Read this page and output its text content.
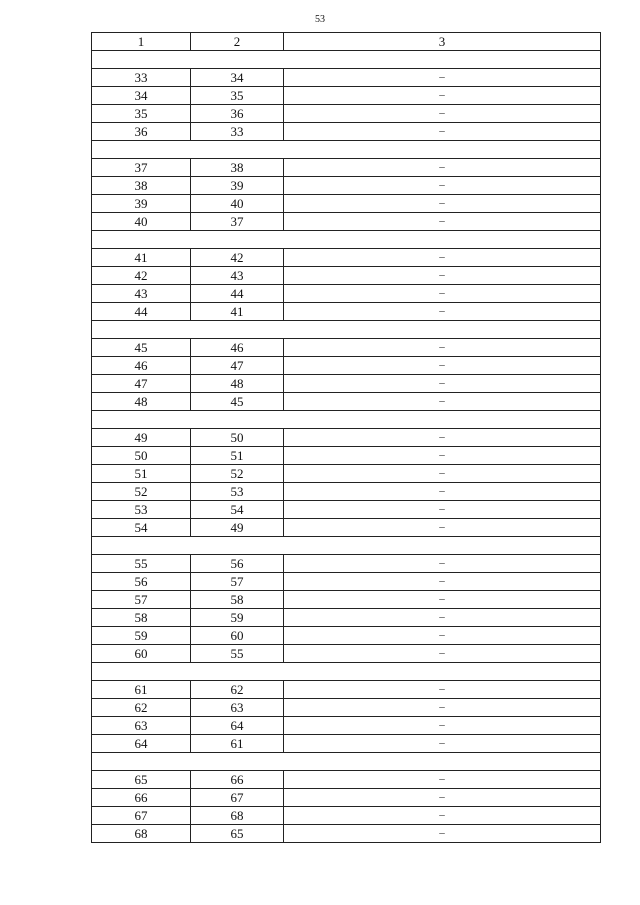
53
1	2	3

33	34	–
34	35	–
35	36	–
36	33	–

37	38	–
38	39	–
39	40	–
40	37	–

41	42	–
42	43	–
43	44	–
44	41	–

45	46	–
46	47	–
47	48	–
48	45	–

49	50	–
50	51	–
51	52	–
52	53	–
53	54	–
54	49	–

55	56	–
56	57	–
57	58	–
58	59	–
59	60	–
60	55	–

61	62	–
62	63	–
63	64	–
64	61	–

65	66	–
66	67	–
67	68	–
68	65	–
